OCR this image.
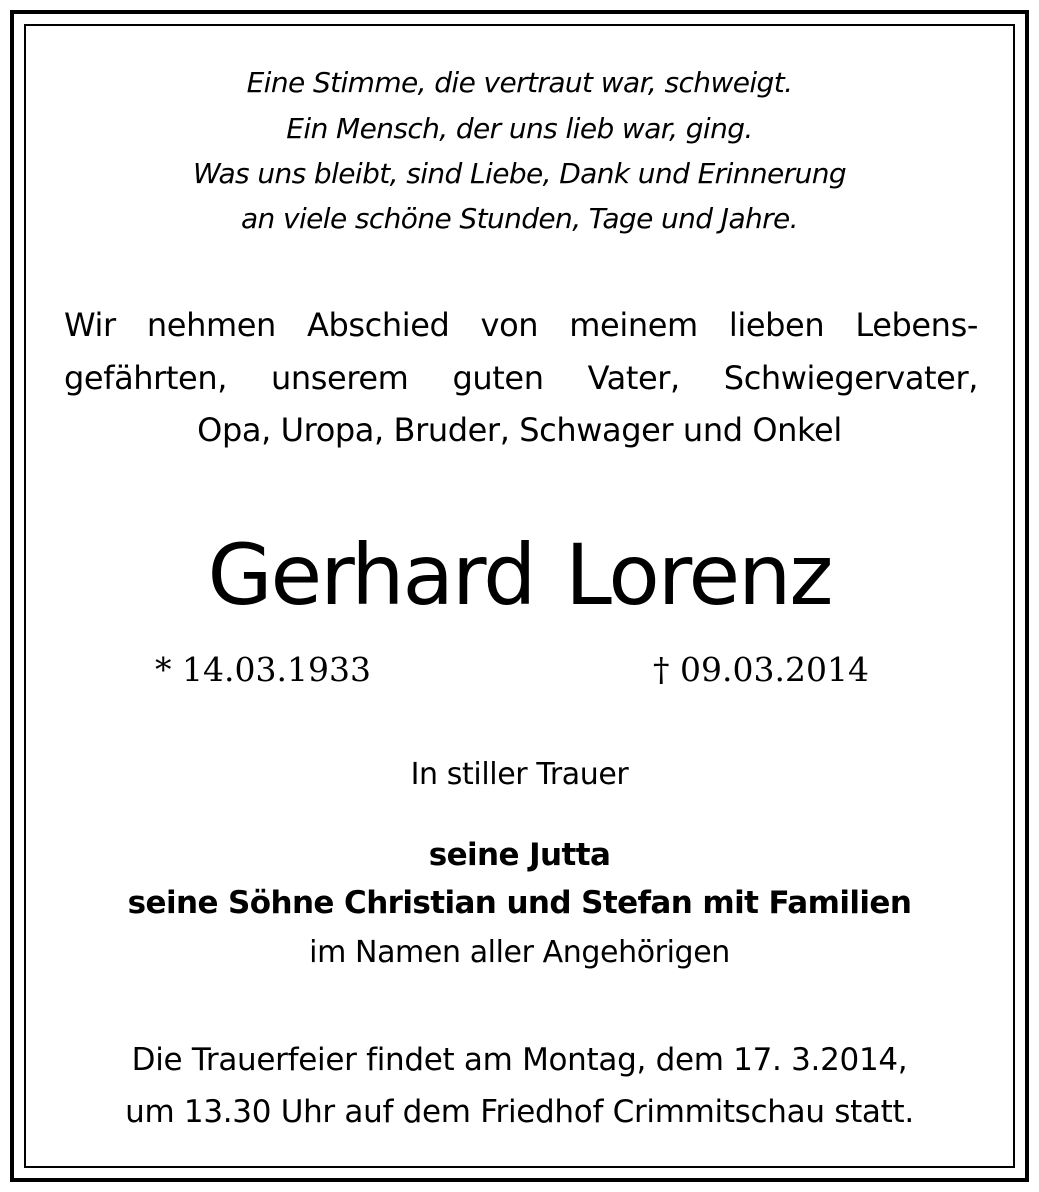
Eine Stimme, die vertraut war, schweigt.
Ein Mensch, der uns lieb war, ging.
Was uns bleibt, sind Liebe, Dank und Erinnerung
an viele schöne Stunden, Tage und Jahre.
Wir nehmen Abschied von meinem lieben Lebens-
gefährten, unserem guten Vater, Schwiegervater,
Opa, Uropa, Bruder, Schwager und Onkel
Gerhard Lorenz
* 14.03.1933	† 09.03.2014
In stiller Trauer
seine Jutta
seine Söhne Christian und Stefan mit Familien
im Namen aller Angehörigen
Die Trauerfeier findet am Montag, dem 17. 3.2014,
um 13.30 Uhr auf dem Friedhof Crimmitschau statt.
